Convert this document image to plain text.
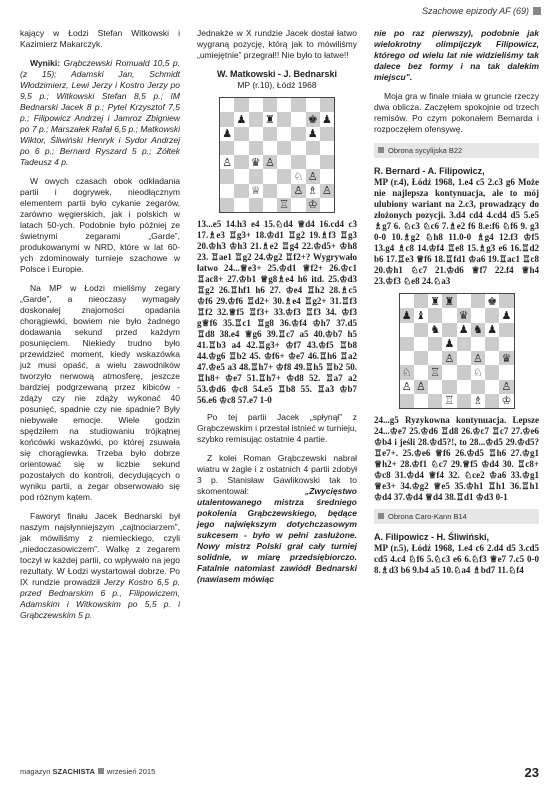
Szachowe epizody AF (69)

kający w Łodzi Stefan Witkowski i Kazimierz Makarczyk.

Wyniki: Grąbczewski Romuald 10,5 p. (z 15); Adamski Jan, Schmidt Włodzimierz, Lewi Jerzy i Kostro Jerzy po 9,5 p.; Witkowski Stefan 8,5 p.; IM Bednarski Jacek 8 p.; Pytel Krzysztof 7,5 p.; Filipowicz Andrzej i Jamroz Zbigniew po 7 p.; Marszałek Rafał 6,5 p.; Matkowski Wiktor, Śliwiński Henryk i Sydor Andrzej po 6 p.; Bernard Ryszard 5 p.; Żółtek Tadeusz 4 p.

W owych czasach obok odkładania partii i dogrywek, nieodłącznym elementem partii było cykanie zegarów, zarówno węgierskich, jak i polskich w latach 50-ych. Podobnie było później ze świetnymi zegarami „Garde”, produkowanymi w NRD, które w lat 60-ych zdominowały turnieje szachowe w Polsce i Europie.

Na MP w Łodzi mieliśmy zegary „Garde”, a nieoczasy wymagały doskonałej znajomości opadania chorągiewki, bowiem nie było żadnego dodawania sekund przed każdym posunięciem. Niekiedy trudno było przewidzieć moment, kiedy wskazówka już musi opaść, a wielu zawodników tworzyło nerwową atmosferę, jeszcze bardziej podgrzewaną przez kibiców - zdąży czy nie zdąży wykonać 40 posunięć, spadnie czy nie spadnie? Były niebywałe emocje. Wiele godzin spędziłem na studiowaniu trójkątnej końcówki wskazówki, po której zsuwała się chorągiewka. Trzeba było dobrze orientować się w liczbie sekund pozostałych do kontroli, decydujących o wyniku partii, a zegar obserwowało się pod różnym kątem.

Faworyt finału Jacek Bednarski był naszym najsłynniejszym „cajtnociarzem”, jak mówiliśmy z niemieckiego, czyli „niedoczasowiczem”. Walkę z zegarem toczył w każdej partii, co wpływało na jego rezultaty. W Łodzi wystartował dobrze. Po IX rundzie prowadził Jerzy Kostro 6,5 p. przed Bednarskim 6 p., Filipowiczem, Adamskim i Witkowskim po 5,5 p. i Grąbczewskim 5 p.

Jednakże w X rundzie Jacek dostał łatwo wygraną pozycję, którą jak to mówiliśmy „umiejętnie” przegrał!! Nie było to łatwe!!

W. Matkowski - J. Bednarski
MP (r.10), Łódź 1968
♟ ♜	♚ ♟
♟	♟
♙ ♛ ♙
♘ ♙
♕	♙ ♗ ♙
♖ ♔
13...e5 14.h3 e4 15.♘d4 ♕d4 16.cd4 c3 17.♗e3 ♖g3+ 18.♔d1 ♖g2 19.♗f3 ♖g3 20.♔h3 ♔h3 21.♗e2 ♖g4 22.♔d5+ ♔h8 23. ♖ae1 ♖g2 24.♔g2 ♖f2+? Wygrywało łatwo 24...♕e3+ 25.♔d1 ♕f2+ 26.♔c1 ♖ac8+ 27.♔b1 ♕g8♗e4 h6 itd. 25.♔d3 ♖g2 26.♖hf1 h6 27. ♔e4 ♖h2 28.♗c5 ♔f6 29.♔f6 ♖d2+ 30.♗e4 ♖g2+ 31.♖f3 ♖f2 32.♕f5 ♖f3+ 33.♔f3 ♖f3 34. ♔f3 g♕f6 35.♖c1 ♖g8 36.♔f4 ♔h7 37.d5 ♖d8 38.e4 ♕g6 39.♖c7 a5 40.♔b7 h5 41.♖b3 a4 42.♖g3+ ♔f7 43.♔f5 ♖b8 44.♔g6 ♖b2 45. ♔f6+ ♔e7 46.♖h6 ♖a2 47.♔e5 a3 48.♖h7+ ♔f8 49.♖h5 ♖b2 50. ♖h8+ ♔e7 51.♖h7+ ♔d8 52. ♖a7 a2 53.♔d6 ♔c8 54.e5 ♖b8 55. ♖a3 ♔b7 56.e6 ♔c8 57.e7 1-0

Po tej partii Jacek „spłynął” z Grąbczewskim i przestał istnieć w turnieju, szybko remisując ostatnie 4 partie.

Z kolei Roman Grąbczewski nabrał wiatru w żagle i z ostatnich 4 partii zdobył 3 p. Stanisław Gawlikowski tak to skomentował: „Zwycięstwo utalentowanego mistrza średniego pokolenia Grąbczewskiego, będące jego największym dotychczasowym sukcesem - było w pełni zasłużone. Nowy mistrz Polski grał cały turniej solidnie, w miarę przedsiębiorczo. Fatalnie natomiast zawiódł Bednarski (nawiasem mówiąc

nie po raz pierwszy), podobnie jak wielokrotny olimpijczyk Filipowicz, którego od wielu lat nie widzieliśmy tak dalece bez formy i na tak dalekim miejscu”.

Moja gra w finale miała w gruncie rzeczy dwa oblicza. Zaczęłem spokojnie od trzech remisów. Po czym pokonałem Bernarda i rozpoczęłem ofensywę.

Obrona sycylijska B22
R. Bernard - A. Filipowicz,
MP (r.4), Łódź 1968, 1.e4 c5 2.c3 g6 Może nie najlepsza kontynuacja, ale to mój ulubiony wariant na 2.c3, prowadzący do złożonych pozycji. 3.d4 cd4 4.cd4 d5 5.e5 ♗g7 6. ♘c3 ♘c6 7.♗e2 f6 8.e:f6 ♘f6 9. g3 0-0 10.♗g2 ♘h8 11.0-0 ♗g4 12.f3 ♔f5 13.g4 ♗c8 14.♔f4 ♖e8 15.♗g3 e6 16.♖d2 b6 17.♖e3 ♕f6 18.♖fd1 ♔a6 19.♖ac1 ♖c8 20.♔h1 ♘c7 21.♔d6 ♕f7 22.f4 ♕h4 23.♔f3 ♘e8 24.♘a3
♜ ♜	♚
♟ ♝	♛	♟
♞ ♟ ♞ ♟
♟
♙ ♙ ♛
♘ ♖	♘
♙ ♙	♙
♖ ♗ ♔
24...g5 Ryzykowna kontynuacja. Lepsze 24...♔e7 25.♔d6 ♖d8 26.♔c7 ♖c7 27.♔e6 ♔b4 i jeśli 28.♔d5?!, to 28...♔d5 29.♔d5? ♖e7+. 25.♔e6 ♕f6 26.♔d5 ♖h6 27.♔g1 ♕h2+ 28.♔f1 ♘c7 29.♕f5 ♔d4 30. ♖c8+ ♔c8 31.♔d4 ♕f4 32. ♘ce2 ♔a6 33.♔g1 ♕e3+ 34.♔g2 ♕e5 35.♔h1 ♖h1 36.♖h1 ♔d4 37.♔d4 ♕d4 38.♖d1 ♔d3 0-1
Obrona Caro-Kann B14
A. Filipowicz - H. Śliwiński,
MP (r.5), Łódź 1968, 1.e4 c6 2.d4 d5 3.cd5 cd5 4.c4 ♘f6 5.♘c3 e6 6.♘f3 ♕e7 7.c5 0-0 8.♗d3 b6 9.b4 a5 10.♘a4 ♗bd7 11.♘f4
magazyn SZACHISTA wrzesień 2015	23
